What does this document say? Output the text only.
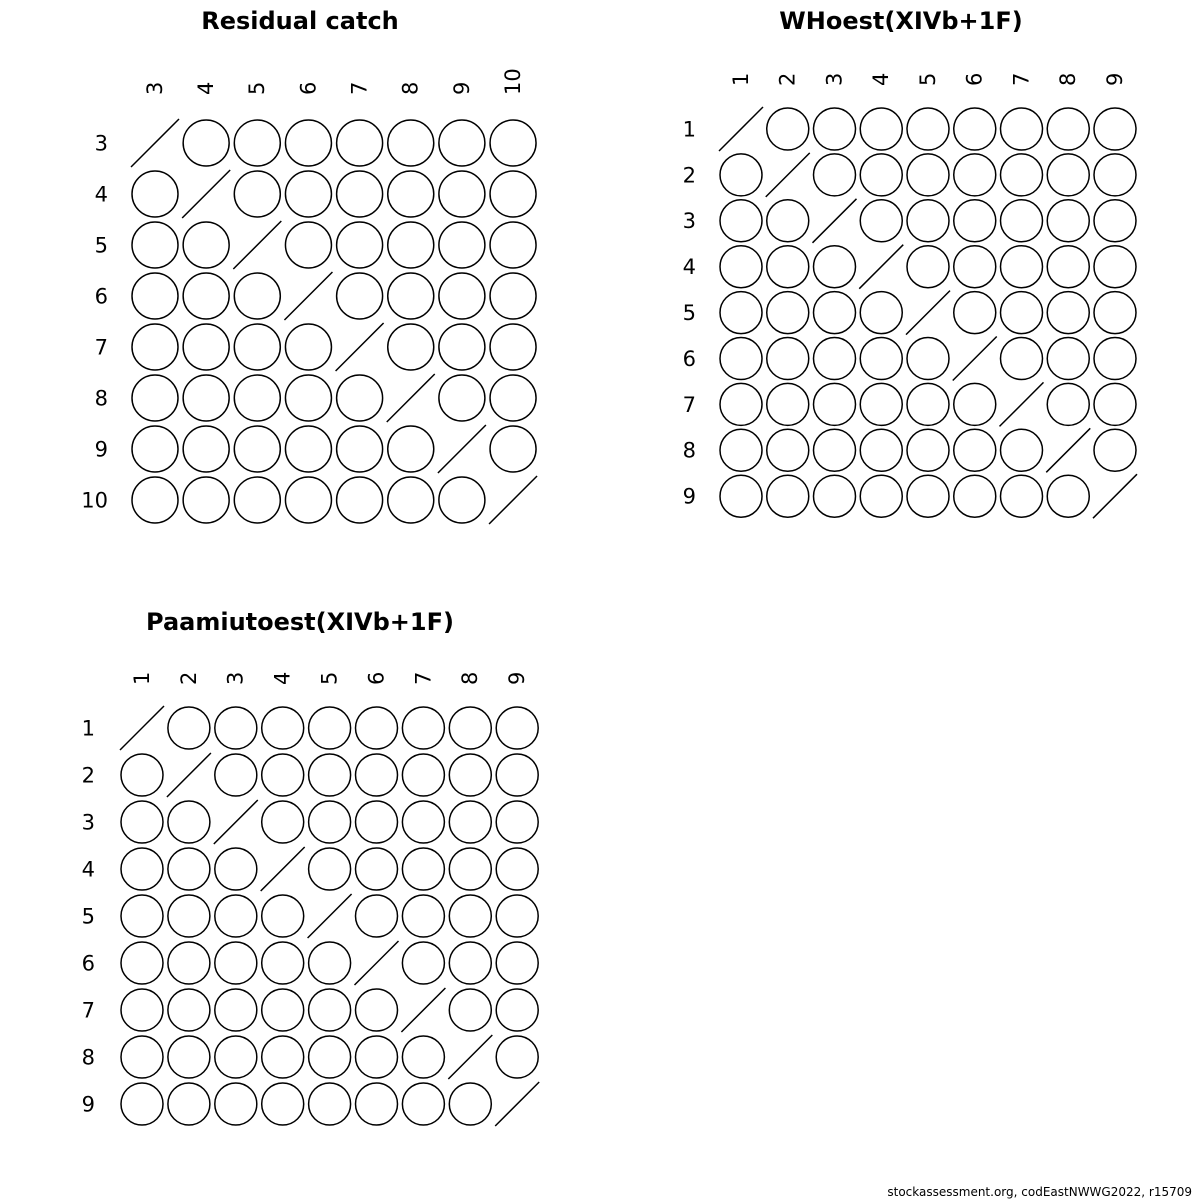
Residual catch
3 4 5 6 7 8 9 10
3
4
5
6
7
8
9
10
WHoest(XIVb+1F)
1 2 3 4 5 6 7 8 9
1
2
3
4
5
6
7
8
9
Paamiutoest(XIVb+1F)
1 2 3 4 5 6 7 8 9
1
2
3
4
5
6
7
8
9
stockassessment.org, codEastNWWG2022, r15709
